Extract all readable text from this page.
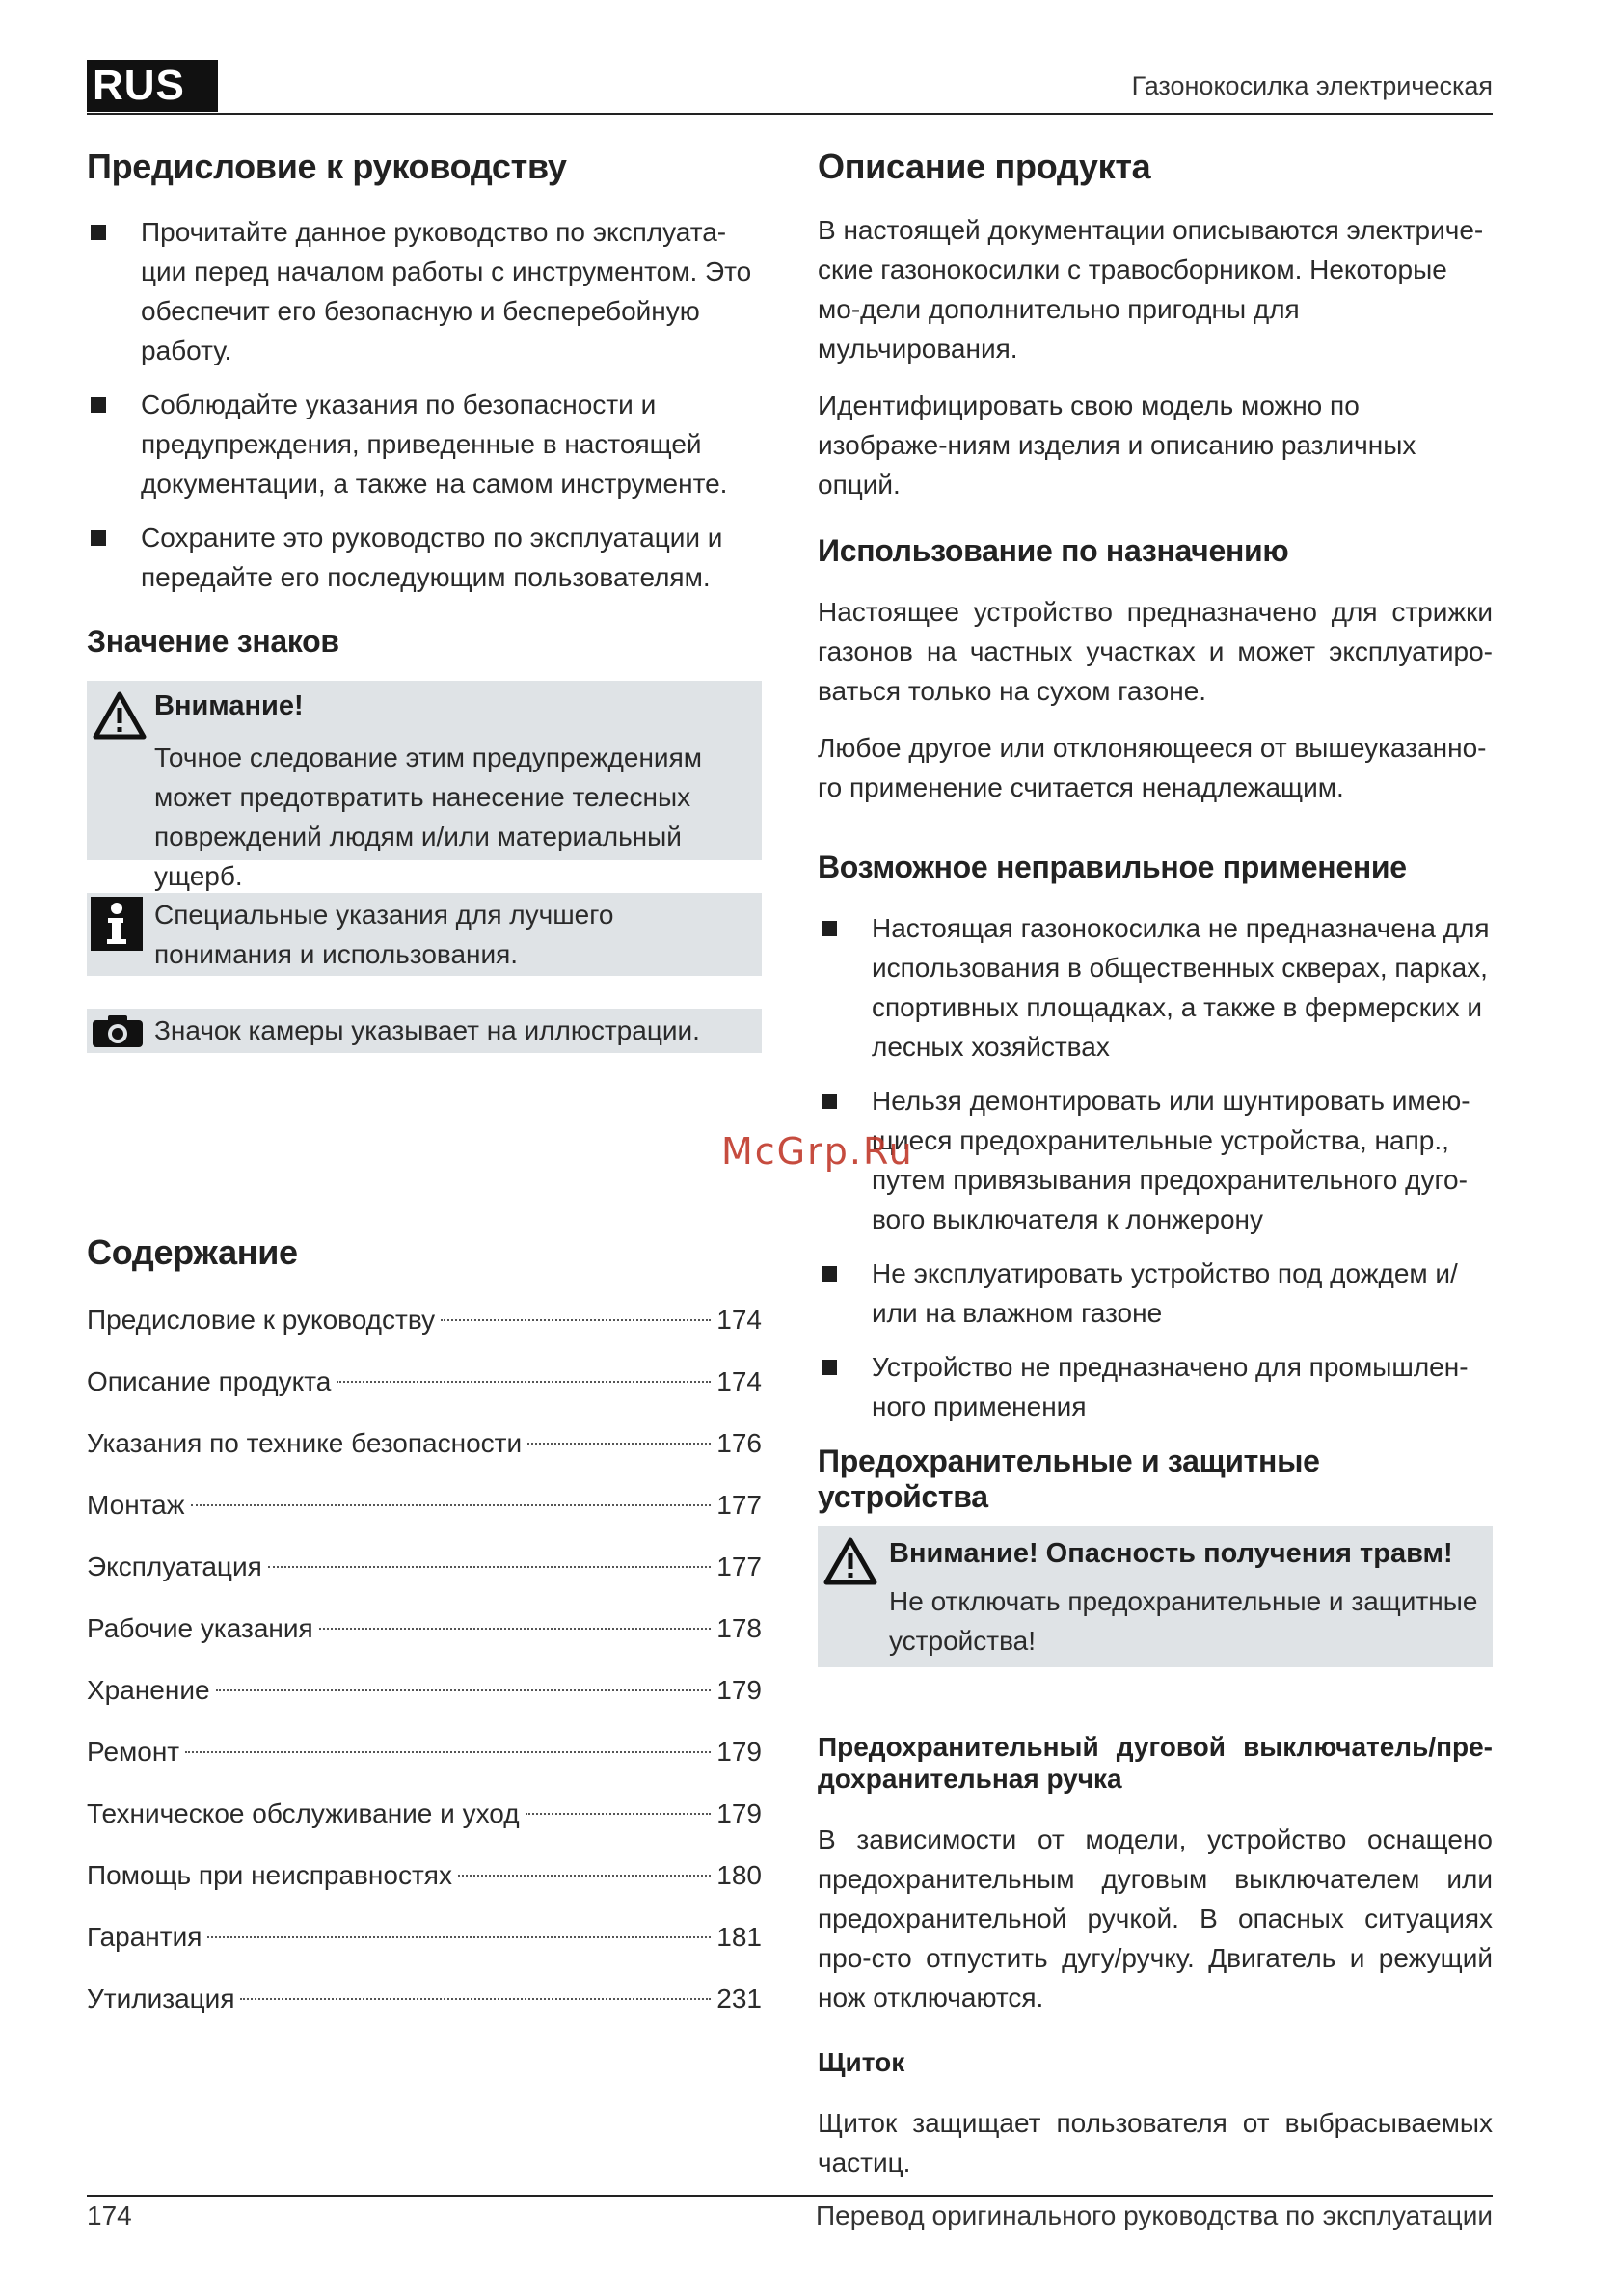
RUS	Газонокосилка электрическая
Предисловие к руководству
Прочитайте данное руководство по эксплуата-ции перед началом работы с инструментом. Это обеспечит его безопасную и бесперебойную работу.
Соблюдайте указания по безопасности и предупреждения, приведенные в настоящей документации, а также на самом инструменте.
Сохраните это руководство по эксплуатации и передайте его последующим пользователям.
Значение знаков
Внимание!
Точное следование этим предупреждениям может предотвратить нанесение телесных повреждений людям и/или материальный ущерб.
Специальные указания для лучшего понимания и использования.
Значок камеры указывает на иллюстрации.
Содержание
Предисловие к руководству	174
Описание продукта	174
Указания по технике безопасности	176
Монтаж	177
Эксплуатация	177
Рабочие указания	178
Хранение	179
Ремонт	179
Техническое обслуживание и уход	179
Помощь при неисправностях	180
Гарантия	181
Утилизация	231
Описание продукта

В настоящей документации описываются электриче-ские газонокосилки с травосборником. Некоторые мо-дели дополнительно пригодны для мульчирования.

Идентифицировать свою модель можно по изображе-ниям изделия и описанию различных опций.

Использование по назначению

Настоящее устройство предназначено для стрижки газонов на частных участках и может эксплуатиро-ваться только на сухом газоне.

Любое другое или отклоняющееся от вышеуказанно-го применение считается ненадлежащим.

Возможное неправильное применение
Настоящая газонокосилка не предназначена для использования в общественных скверах, парках, спортивных площадках, а также в фермерских и лесных хозяйствах
Нельзя демонтировать или шунтировать имею-щиеся предохранительные устройства, напр., путем привязывания предохранительного дуго-вого выключателя к лонжерону
Не эксплуатировать устройство под дождем и/ или на влажном газоне
Устройство не предназначено для промышлен-ного применения
Предохранительные и защитные устройства
Внимание! Опасность получения травм!
Не отключать предохранительные и защитные устройства!
Предохранительный дуговой выключатель/пре-дохранительная ручка

В зависимости от модели, устройство оснащено предохранительным дуговым выключателем или предохранительной ручкой. В опасных ситуациях про-сто отпустить дугу/ручку. Двигатель и режущий нож отключаются.

Щиток

Щиток защищает пользователя от выбрасываемых частиц.

McGrp.Ru
174	Перевод оригинального руководства по эксплуатации
